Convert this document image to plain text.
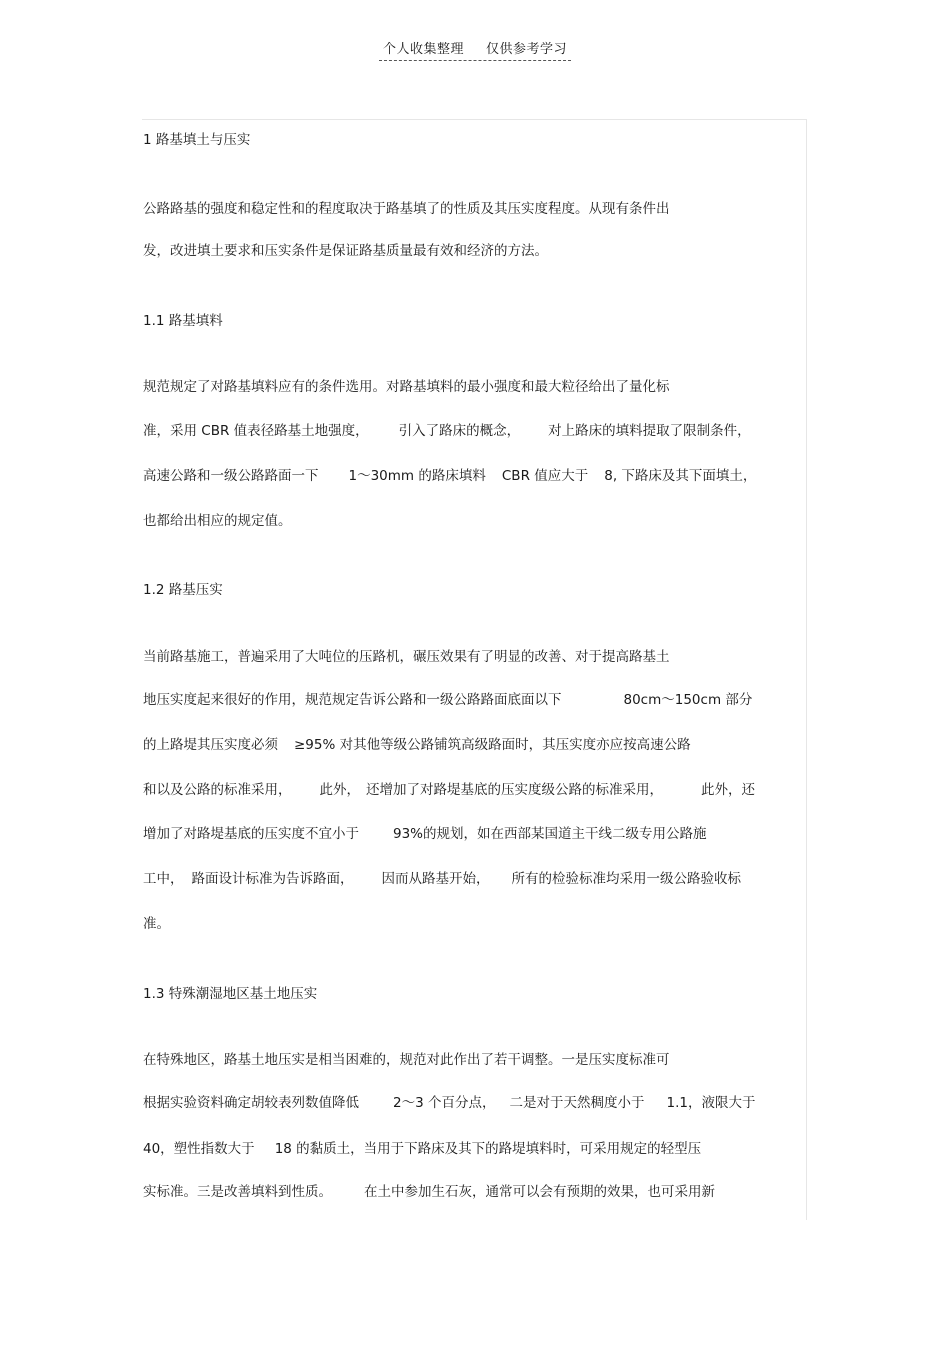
个人收集整理 仅供参考学习
1 路基填土与压实
公路路基的强度和稳定性和的程度取决于路基填了的性质及其压实度程度。从现有条件出
发，改进填土要求和压实条件是保证路基质量最有效和经济的方法。
1.1 路基填料
规范规定了对路基填料应有的条件选用。对路基填料的最小强度和最大粒径给出了量化标
准，采用 CBR 值表径路基土地强度， 引入了路床的概念， 对上路床的填料提取了限制条件，
高速公路和一级公路路面一下 1～30mm 的路床填料 CBR 值应大于 8, 下路床及其下面填土，
也都给出相应的规定值。
1.2 路基压实
当前路基施工，普遍采用了大吨位的压路机，碾压效果有了明显的改善、对于提高路基土
地压实度起来很好的作用，规范规定告诉公路和一级公路路面底面以下	80cm～150cm 部分
的上路堤其压实度必须 ≥95% 对其他等级公路铺筑高级路面时，其压实度亦应按高速公路
和以及公路的标准采用， 此外， 还增加了对路堤基底的压实度级公路的标准采用，	此外，还
增加了对路堤基底的压实度不宜小于	93%的规划，如在西部某国道主干线二级专用公路施
工中， 路面设计标准为告诉路面， 因而从路基开始， 所有的检验标准均采用一级公路验收标
准。
1.3 特殊潮湿地区基土地压实
在特殊地区，路基土地压实是相当困难的，规范对此作出了若干调整。一是压实度标准可
根据实验资料确定胡较表列数值降低	2～3 个百分点， 二是对于天然稠度小于 1.1，液限大于
40，塑性指数大于 18 的黏质土，当用于下路床及其下的路堤填料时，可采用规定的轻型压
实标准。三是改善填料到性质。 在土中参加生石灰，通常可以会有预期的效果，也可采用新
